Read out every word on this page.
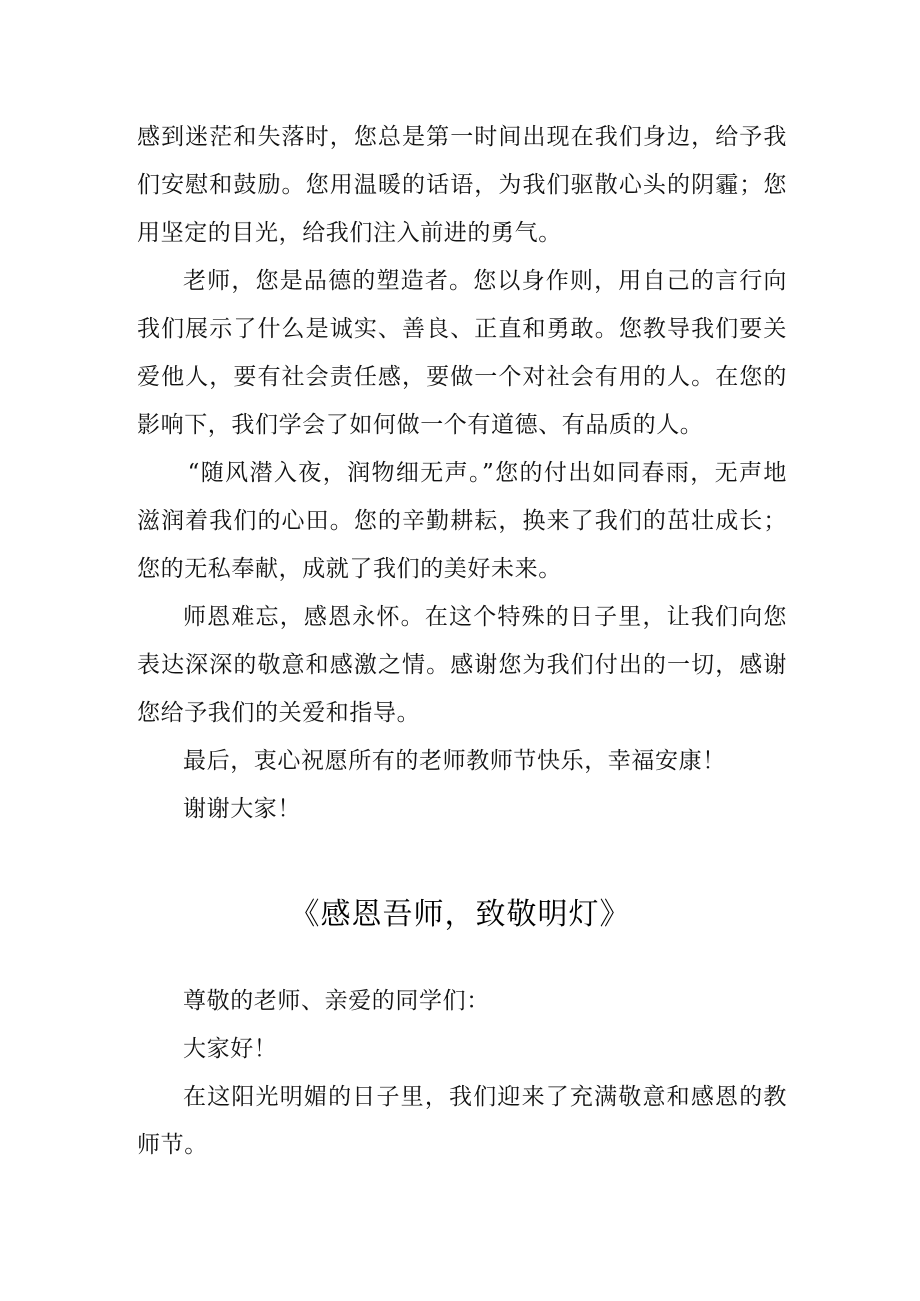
感到迷茫和失落时，您总是第一时间出现在我们身边，给予我们安慰和鼓励。您用温暖的话语，为我们驱散心头的阴霾；您用坚定的目光，给我们注入前进的勇气。

老师，您是品德的塑造者。您以身作则，用自己的言行向我们展示了什么是诚实、善良、正直和勇敢。您教导我们要关爱他人，要有社会责任感，要做一个对社会有用的人。在您的影响下，我们学会了如何做一个有道德、有品质的人。

“随风潜入夜，润物细无声。”您的付出如同春雨，无声地滋润着我们的心田。您的辛勤耕耘，换来了我们的茁壮成长；您的无私奉献，成就了我们的美好未来。

师恩难忘，感恩永怀。在这个特殊的日子里，让我们向您表达深深的敬意和感激之情。感谢您为我们付出的一切，感谢您给予我们的关爱和指导。

最后，衷心祝愿所有的老师教师节快乐，幸福安康！

谢谢大家！

《感恩吾师，致敬明灯》

尊敬的老师、亲爱的同学们：

大家好！

在这阳光明媚的日子里，我们迎来了充满敬意和感恩的教师节。
